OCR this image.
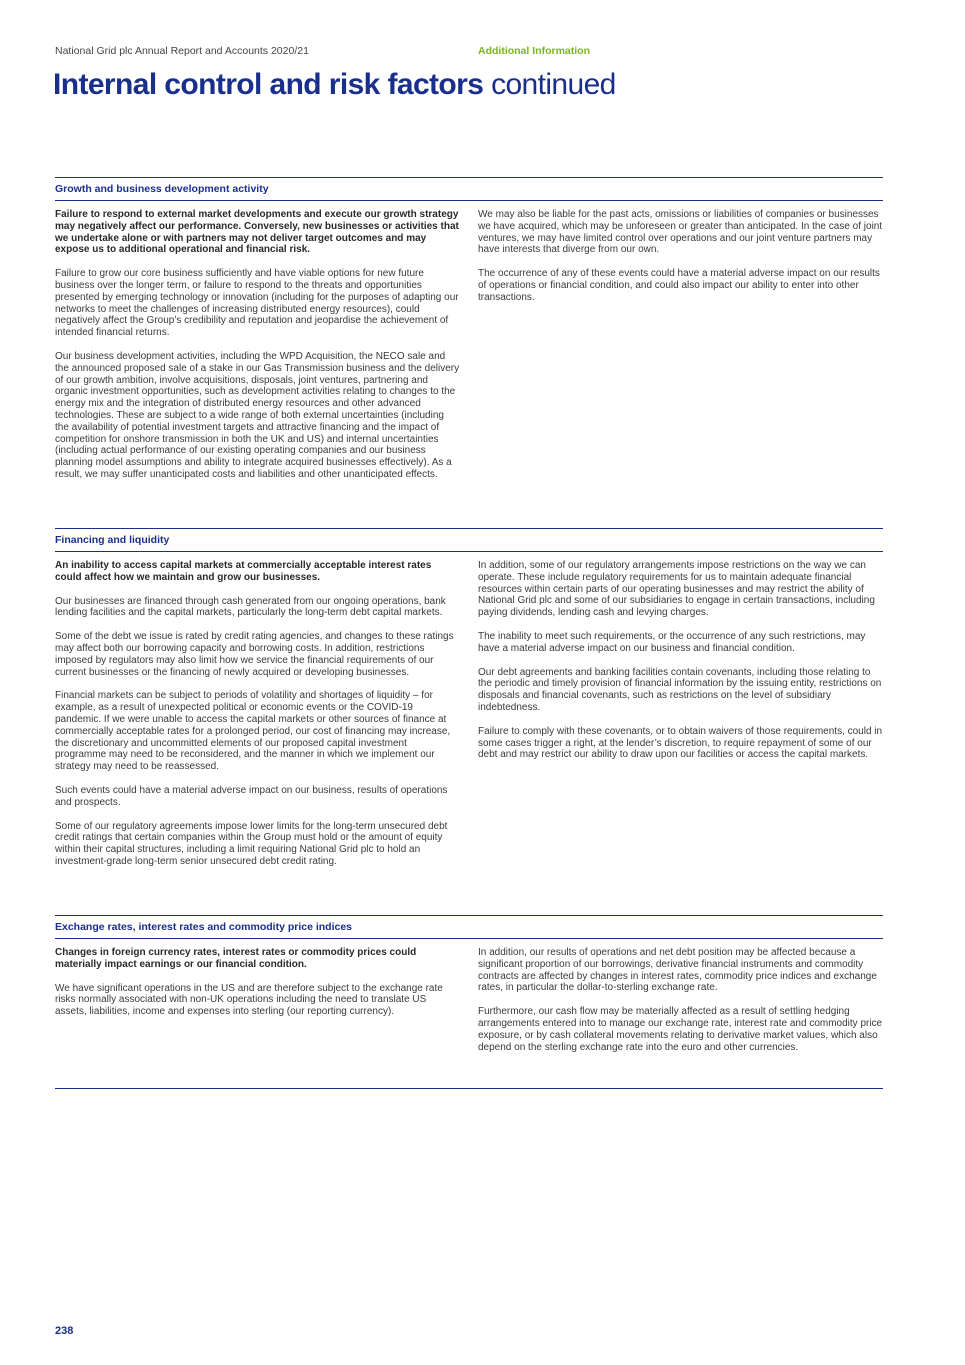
National Grid plc Annual Report and Accounts 2020/21	Additional Information
Internal control and risk factors continued
Growth and business development activity

Failure to respond to external market developments and execute our growth strategy may negatively affect our performance. Conversely, new businesses or activities that we undertake alone or with partners may not deliver target outcomes and may expose us to additional operational and financial risk.

Failure to grow our core business sufficiently and have viable options for new future business over the longer term, or failure to respond to the threats and opportunities presented by emerging technology or innovation (including for the purposes of adapting our networks to meet the challenges of increasing distributed energy resources), could negatively affect the Group’s credibility and reputation and jeopardise the achievement of intended financial returns.

Our business development activities, including the WPD Acquisition, the NECO sale and the announced proposed sale of a stake in our Gas Transmission business and the delivery of our growth ambition, involve acquisitions, disposals, joint ventures, partnering and organic investment opportunities, such as development activities relating to changes to the energy mix and the integration of distributed energy resources and other advanced technologies. These are subject to a wide range of both external uncertainties (including the availability of potential investment targets and attractive financing and the impact of competition for onshore transmission in both the UK and US) and internal uncertainties (including actual performance of our existing operating companies and our business planning model assumptions and ability to integrate acquired businesses effectively). As a result, we may suffer unanticipated costs and liabilities and other unanticipated effects.

We may also be liable for the past acts, omissions or liabilities of companies or businesses we have acquired, which may be unforeseen or greater than anticipated. In the case of joint ventures, we may have limited control over operations and our joint venture partners may have interests that diverge from our own.

The occurrence of any of these events could have a material adverse impact on our results of operations or financial condition, and could also impact our ability to enter into other transactions.

Financing and liquidity

An inability to access capital markets at commercially acceptable interest rates could affect how we maintain and grow our businesses.

Our businesses are financed through cash generated from our ongoing operations, bank lending facilities and the capital markets, particularly the long-term debt capital markets.

Some of the debt we issue is rated by credit rating agencies, and changes to these ratings may affect both our borrowing capacity and borrowing costs. In addition, restrictions imposed by regulators may also limit how we service the financial requirements of our current businesses or the financing of newly acquired or developing businesses.

Financial markets can be subject to periods of volatility and shortages of liquidity – for example, as a result of unexpected political or economic events or the COVID-19 pandemic. If we were unable to access the capital markets or other sources of finance at commercially acceptable rates for a prolonged period, our cost of financing may increase, the discretionary and uncommitted elements of our proposed capital investment programme may need to be reconsidered, and the manner in which we implement our strategy may need to be reassessed.

Such events could have a material adverse impact on our business, results of operations and prospects.

Some of our regulatory agreements impose lower limits for the long-term unsecured debt credit ratings that certain companies within the Group must hold or the amount of equity within their capital structures, including a limit requiring National Grid plc to hold an investment-grade long-term senior unsecured debt credit rating.

In addition, some of our regulatory arrangements impose restrictions on the way we can operate. These include regulatory requirements for us to maintain adequate financial resources within certain parts of our operating businesses and may restrict the ability of National Grid plc and some of our subsidiaries to engage in certain transactions, including paying dividends, lending cash and levying charges.

The inability to meet such requirements, or the occurrence of any such restrictions, may have a material adverse impact on our business and financial condition.

Our debt agreements and banking facilities contain covenants, including those relating to the periodic and timely provision of financial information by the issuing entity, restrictions on disposals and financial covenants, such as restrictions on the level of subsidiary indebtedness.

Failure to comply with these covenants, or to obtain waivers of those requirements, could in some cases trigger a right, at the lender’s discretion, to require repayment of some of our debt and may restrict our ability to draw upon our facilities or access the capital markets.

Exchange rates, interest rates and commodity price indices

Changes in foreign currency rates, interest rates or commodity prices could materially impact earnings or our financial condition.

We have significant operations in the US and are therefore subject to the exchange rate risks normally associated with non-UK operations including the need to translate US assets, liabilities, income and expenses into sterling (our reporting currency).

In addition, our results of operations and net debt position may be affected because a significant proportion of our borrowings, derivative financial instruments and commodity contracts are affected by changes in interest rates, commodity price indices and exchange rates, in particular the dollar-to-sterling exchange rate.

Furthermore, our cash flow may be materially affected as a result of settling hedging arrangements entered into to manage our exchange rate, interest rate and commodity price exposure, or by cash collateral movements relating to derivative market values, which also depend on the sterling exchange rate into the euro and other currencies.

238
